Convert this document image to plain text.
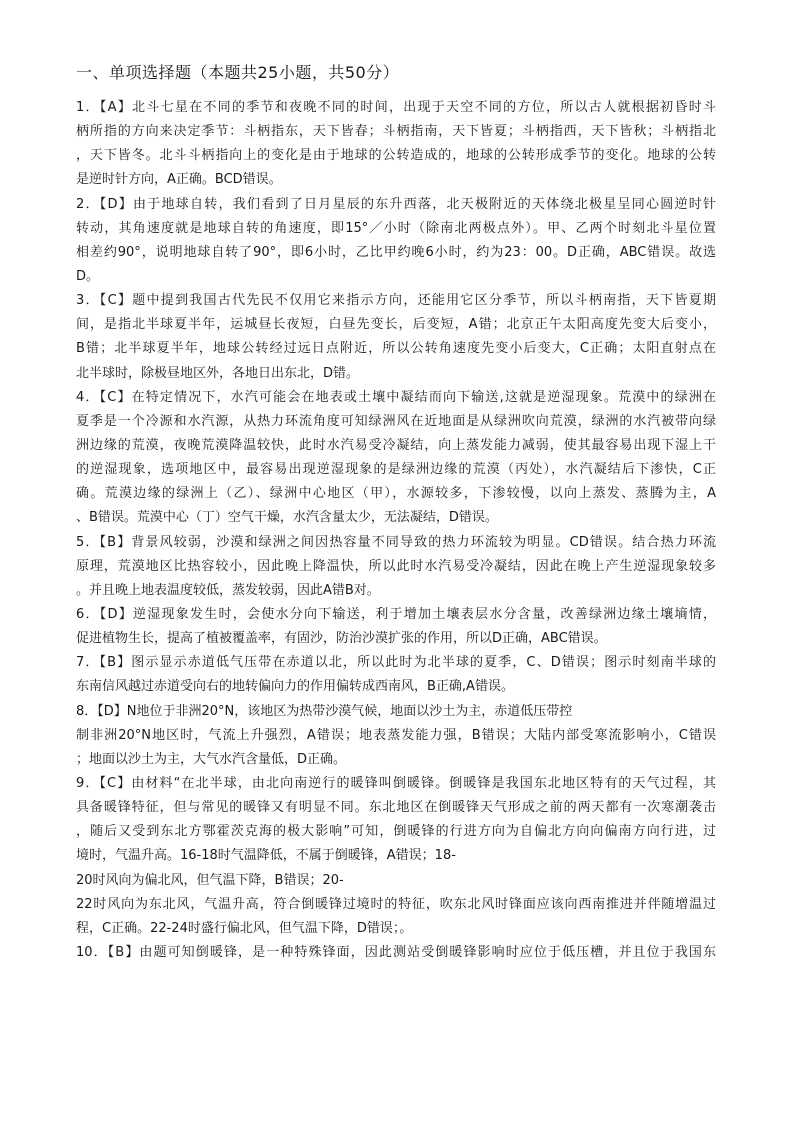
一、单项选择题（本题共25小题，共50分）
1．【A】北斗七星在不同的季节和夜晚不同的时间，出现于天空不同的方位，所以古人就根据初昏时斗
柄所指的方向来决定季节：斗柄指东，天下皆春；斗柄指南，天下皆夏；斗柄指西，天下皆秋；斗柄指北
，天下皆冬。北斗斗柄指向上的变化是由于地球的公转造成的，地球的公转形成季节的变化。地球的公转
是逆时针方向，A正确。BCD错误。
2．【D】由于地球自转，我们看到了日月星辰的东升西落，北天极附近的天体绕北极星呈同心圆逆时针
转动，其角速度就是地球自转的角速度，即15°／小时（除南北两极点外）。甲、乙两个时刻北斗星位置
相差约90°，说明地球自转了90°，即6小时，乙比甲约晚6小时，约为23：00。D正确，ABC错误。故选
D。
3．【C】题中提到我国古代先民不仅用它来指示方向，还能用它区分季节，所以斗柄南指，天下皆夏期
间，是指北半球夏半年，运城昼长夜短，白昼先变长，后变短，A错；北京正午太阳高度先变大后变小，
B错；北半球夏半年，地球公转经过远日点附近，所以公转角速度先变小后变大，C正确；太阳直射点在
北半球时，除极昼地区外，各地日出东北，D错。
4．【C】在特定情况下，水汽可能会在地表或土壤中凝结而向下输送,这就是逆湿现象。荒漠中的绿洲在
夏季是一个冷源和水汽源，从热力环流角度可知绿洲风在近地面是从绿洲吹向荒漠，绿洲的水汽被带向绿
洲边缘的荒漠，夜晚荒漠降温较快，此时水汽易受冷凝结，向上蒸发能力减弱，使其最容易出现下湿上干
的逆湿现象，选项地区中，最容易出现逆湿现象的是绿洲边缘的荒漠（丙处），水汽凝结后下渗快，C正
确。荒漠边缘的绿洲上（乙）、绿洲中心地区（甲），水源较多，下渗较慢，以向上蒸发、蒸腾为主，A
、B错误。荒漠中心（丁）空气干燥，水汽含量太少，无法凝结，D错误。
5．【B】背景风较弱，沙漠和绿洲之间因热容量不同导致的热力环流较为明显。CD错误。结合热力环流
原理，荒漠地区比热容较小，因此晚上降温快，所以此时水汽易受冷凝结，因此在晚上产生逆湿现象较多
。并且晚上地表温度较低，蒸发较弱，因此A错B对。
6．【D】逆湿现象发生时，会使水分向下输送，利于增加土壤表层水分含量，改善绿洲边缘土壤墒情，
促进植物生长，提高了植被覆盖率，有固沙，防治沙漠扩张的作用，所以D正确，ABC错误。
7．【B】图示显示赤道低气压带在赤道以北，所以此时为北半球的夏季，C、D错误；图示时刻南半球的
东南信风越过赤道受向右的地转偏向力的作用偏转成西南风，B正确,A错误。
8．【D】N地位于非洲20°N，该地区为热带沙漠气候，地面以沙土为主，赤道低压带控
制非洲20°N地区时，气流上升强烈，A错误；地表蒸发能力强，B错误；大陆内部受寒流影响小，C错误
；地面以沙土为主，大气水汽含量低，D正确。
9．【C】由材料“在北半球，由北向南逆行的暖锋叫倒暖锋。倒暖锋是我国东北地区特有的天气过程，其
具备暖锋特征，但与常见的暖锋又有明显不同。东北地区在倒暖锋天气形成之前的两天都有一次寒潮袭击
，随后又受到东北方鄂霍茨克海的极大影响”可知，倒暖锋的行进方向为自偏北方向向偏南方向行进，过
境时，气温升高。16-18时气温降低，不属于倒暖锋，A错误；18-
20时风向为偏北风，但气温下降，B错误；20-
22时风向为东北风，气温升高，符合倒暖锋过境时的特征，吹东北风时锋面应该向西南推进并伴随增温过
程，C正确。22-24时盛行偏北风，但气温下降，D错误；。
10．【B】由题可知倒暖锋，是一种特殊锋面，因此测站受倒暖锋影响时应位于低压槽，并且位于我国东
